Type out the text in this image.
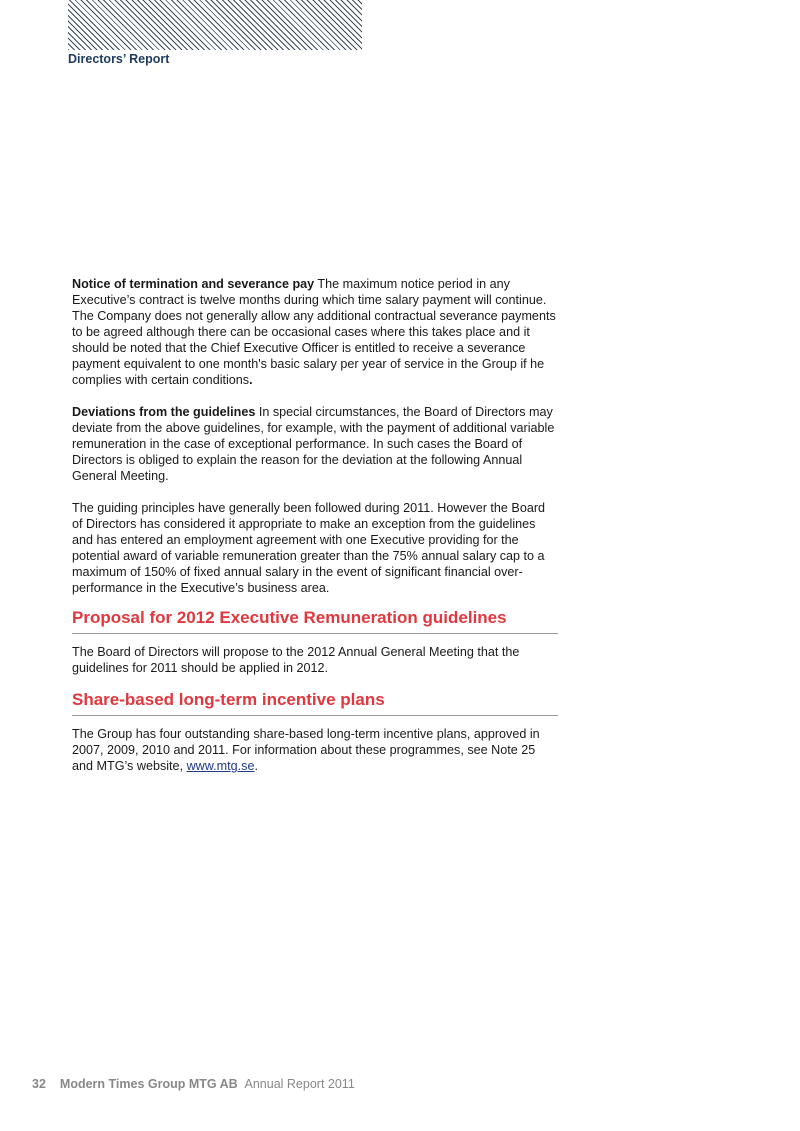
Directors’ Report

Notice of termination and severance pay The maximum notice period in any Executive’s contract is twelve months during which time salary payment will continue. The Company does not generally allow any additional contractual severance payments to be agreed although there can be occasional cases where this takes place and it should be noted that the Chief Executive Officer is entitled to receive a severance payment equivalent to one month's basic salary per year of service in the Group if he complies with certain conditions.

Deviations from the guidelines In special circumstances, the Board of Directors may deviate from the above guidelines, for example, with the payment of additional variable remuneration in the case of exceptional performance. In such cases the Board of Directors is obliged to explain the reason for the deviation at the following Annual General Meeting.

The guiding principles have generally been followed during 2011. However the Board of Directors has considered it appropriate to make an exception from the guidelines and has entered an employment agreement with one Executive providing for the potential award of variable remuneration greater than the 75% annual salary cap to a maximum of 150% of fixed annual salary in the event of significant financial over-performance in the Executive’s business area.

Proposal for 2012 Executive Remuneration guidelines

The Board of Directors will propose to the 2012 Annual General Meeting that the guidelines for 2011 should be applied in 2012.

Share-based long-term incentive plans

The Group has four outstanding share-based long-term incentive plans, approved in 2007, 2009, 2010 and 2011. For information about these programmes, see Note 25 and MTG’s website, www.mtg.se.

32 Modern Times Group MTG AB Annual Report 2011
